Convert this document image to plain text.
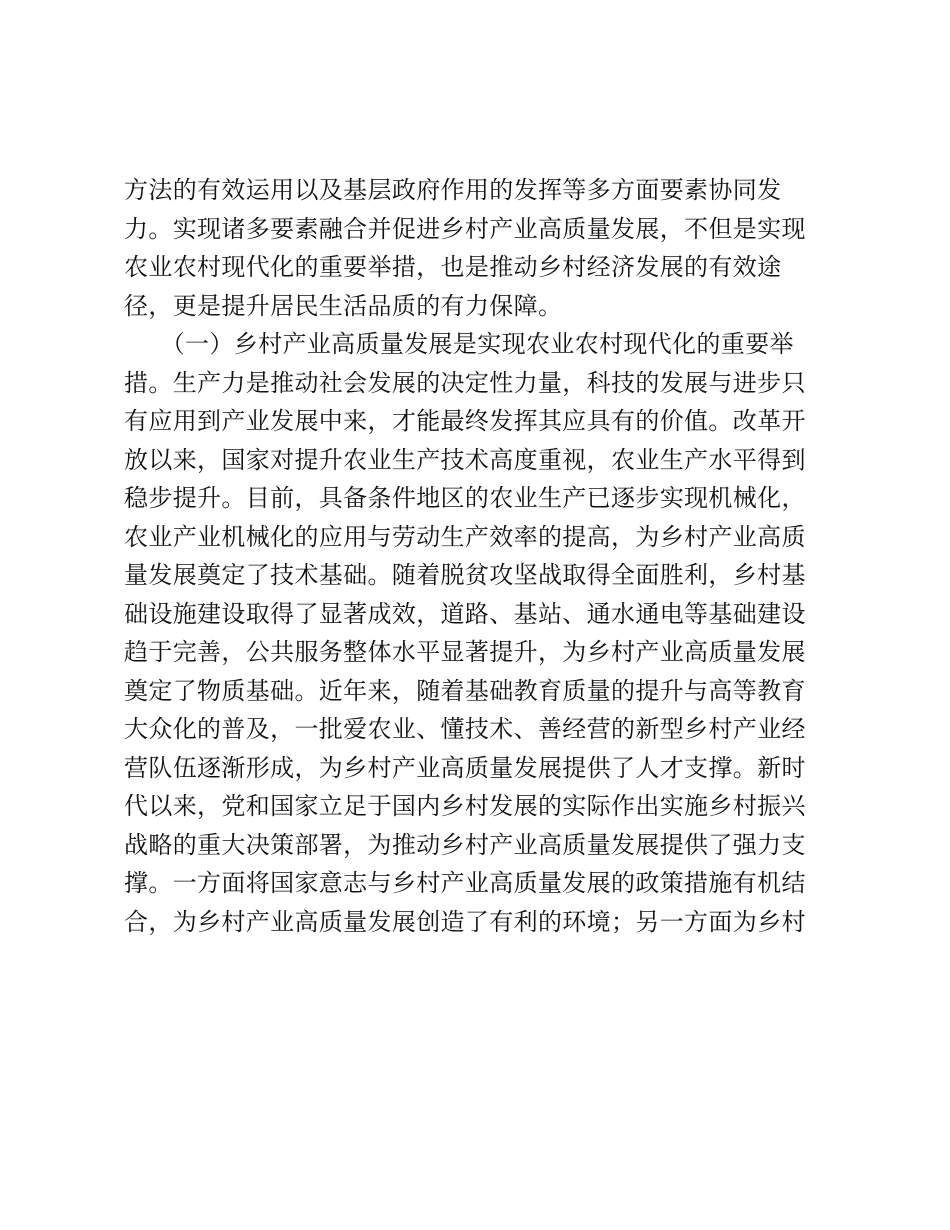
方法的有效运用以及基层政府作用的发挥等多方面要素协同发
力。实现诸多要素融合并促进乡村产业高质量发展，不但是实现
农业农村现代化的重要举措，也是推动乡村经济发展的有效途
径，更是提升居民生活品质的有力保障。
　　（一）乡村产业高质量发展是实现农业农村现代化的重要举
措。生产力是推动社会发展的决定性力量，科技的发展与进步只
有应用到产业发展中来，才能最终发挥其应具有的价值。改革开
放以来，国家对提升农业生产技术高度重视，农业生产水平得到
稳步提升。目前，具备条件地区的农业生产已逐步实现机械化，
农业产业机械化的应用与劳动生产效率的提高，为乡村产业高质
量发展奠定了技术基础。随着脱贫攻坚战取得全面胜利，乡村基
础设施建设取得了显著成效，道路、基站、通水通电等基础建设
趋于完善，公共服务整体水平显著提升，为乡村产业高质量发展
奠定了物质基础。近年来，随着基础教育质量的提升与高等教育
大众化的普及，一批爱农业、懂技术、善经营的新型乡村产业经
营队伍逐渐形成，为乡村产业高质量发展提供了人才支撑。新时
代以来，党和国家立足于国内乡村发展的实际作出实施乡村振兴
战略的重大决策部署，为推动乡村产业高质量发展提供了强力支
撑。一方面将国家意志与乡村产业高质量发展的政策措施有机结
合，为乡村产业高质量发展创造了有利的环境；另一方面为乡村
